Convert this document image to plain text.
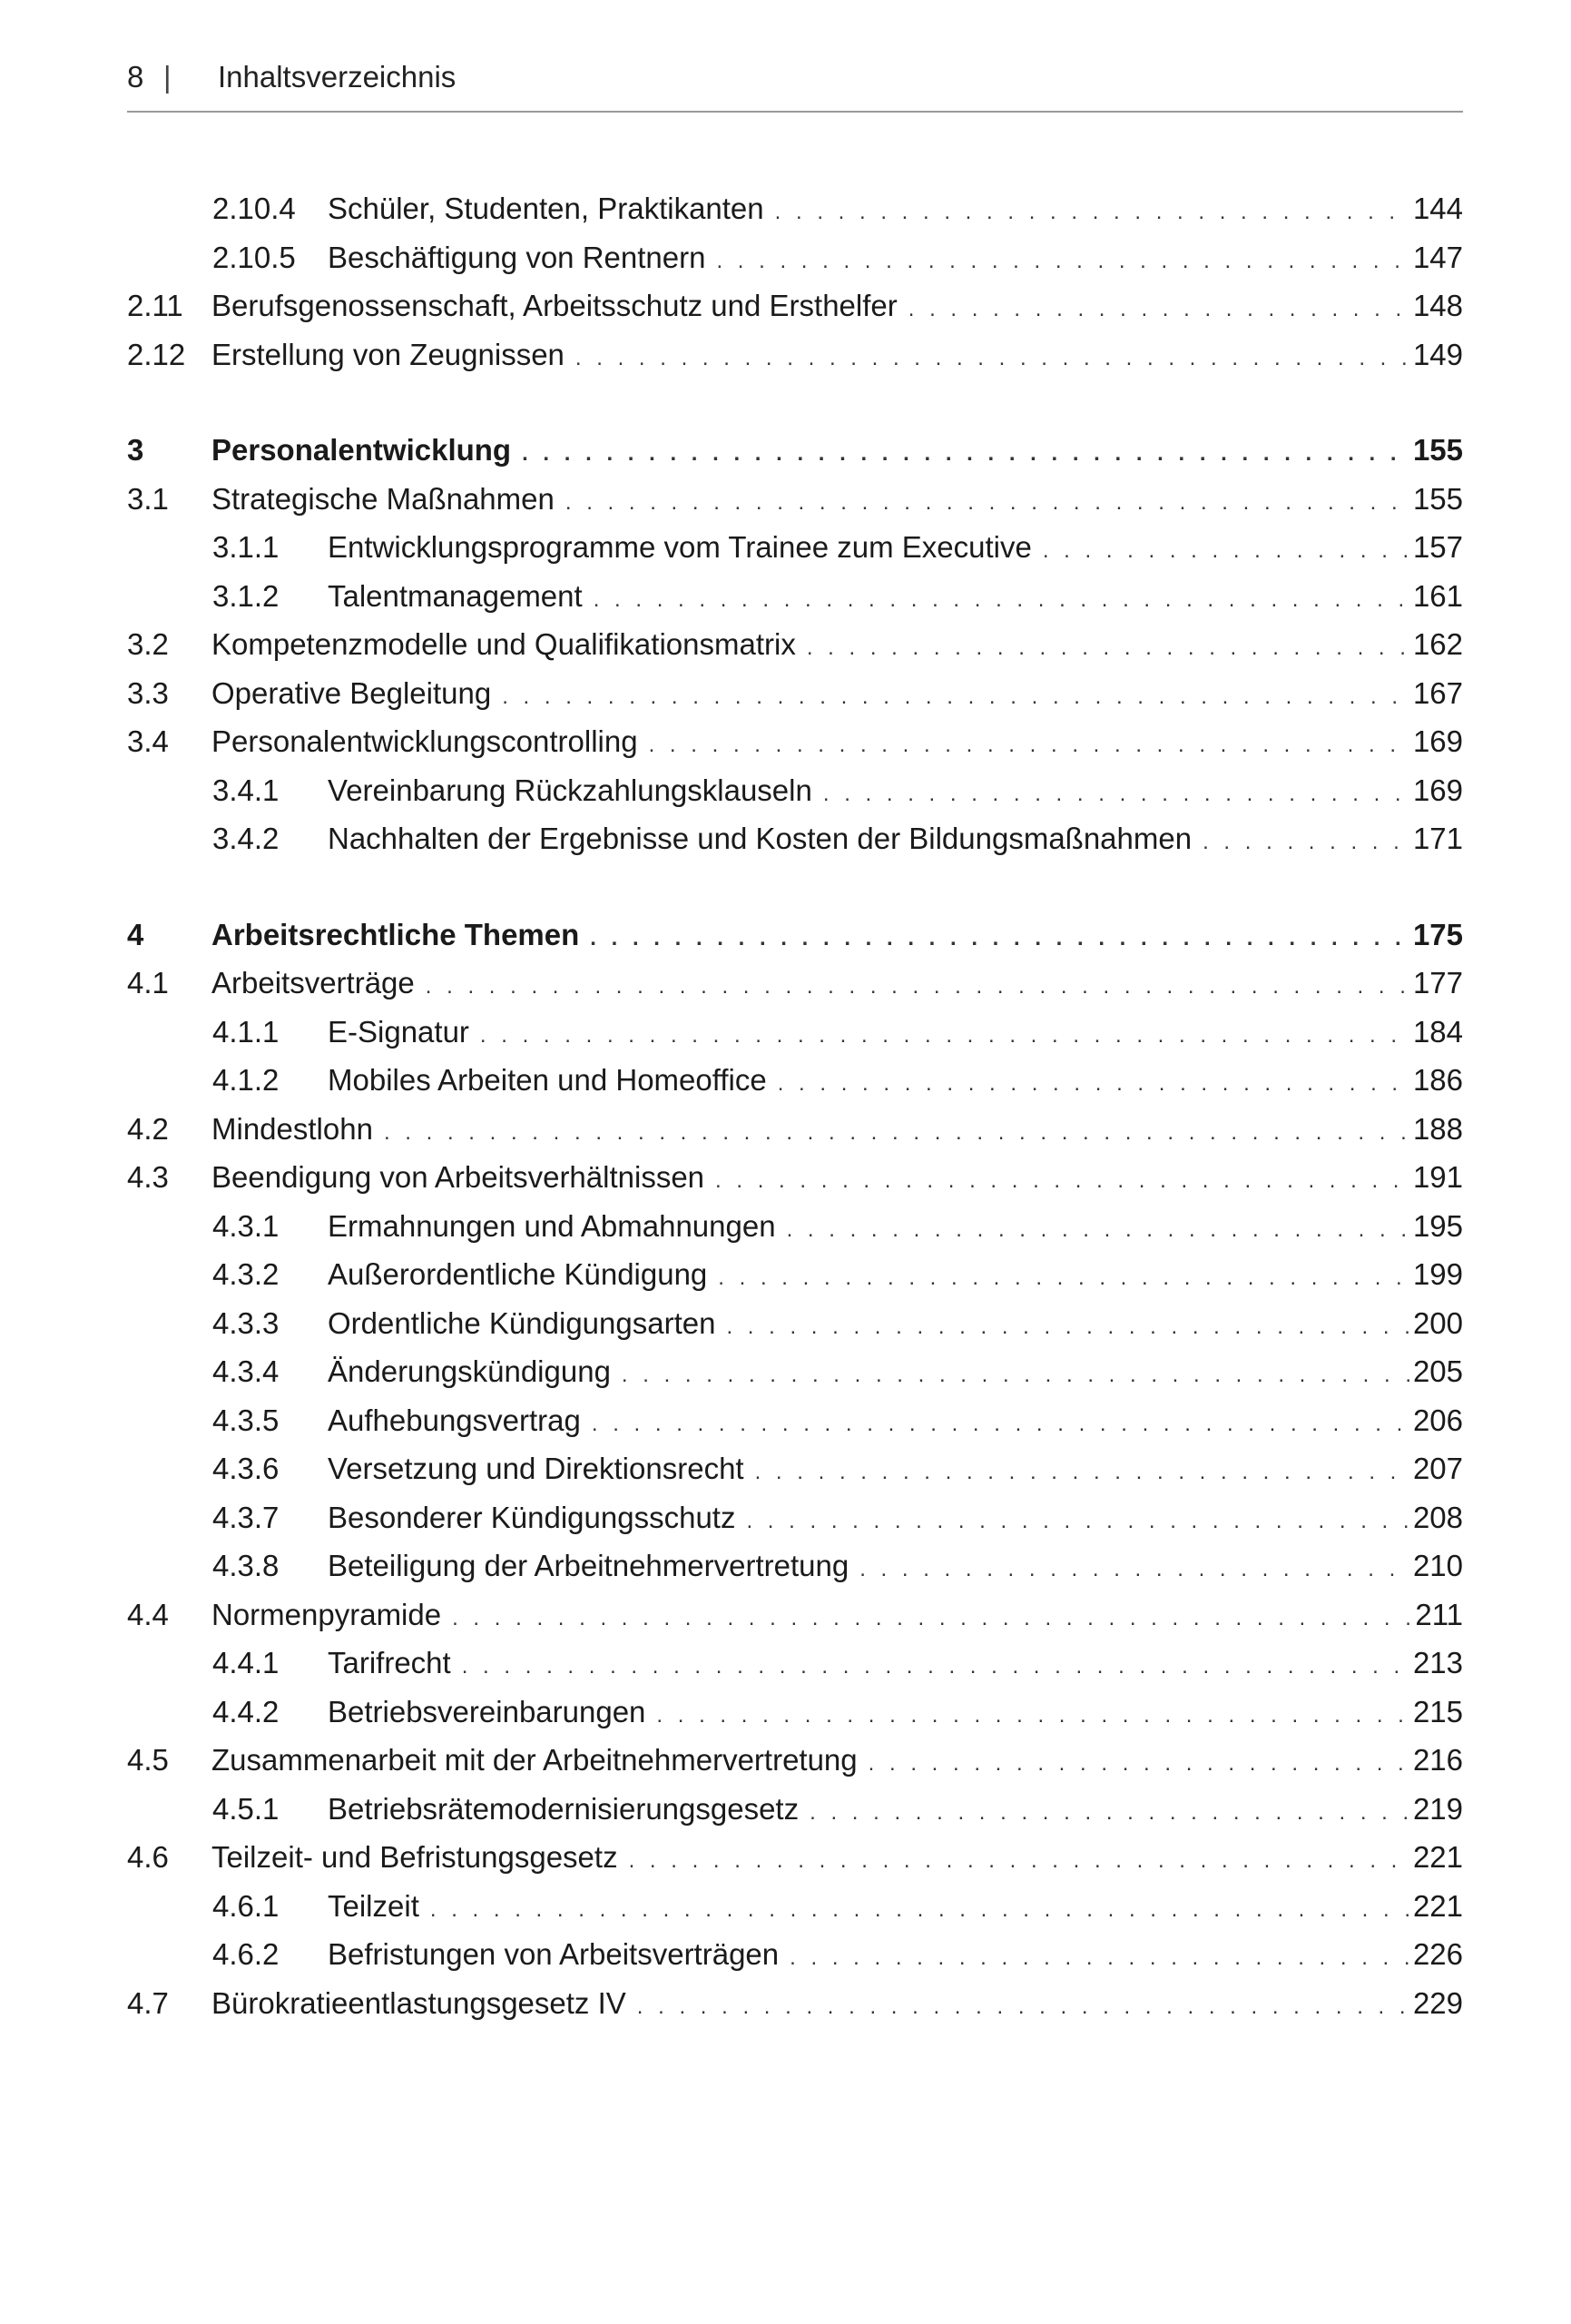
8 |	Inhaltsverzeichnis
2.10.4 Schüler, Studenten, Praktikanten . . .	144
2.10.5 Beschäftigung von Rentnern . . .	147
2.11 Berufsgenossenschaft, Arbeitsschutz und Ersthelfer . . .	148
2.12 Erstellung von Zeugnissen . . .	149
3 Personalentwicklung . . .	155
3.1 Strategische Maßnahmen . . .	155
3.1.1 Entwicklungsprogramme vom Trainee zum Executive . . .	157
3.1.2 Talentmanagement . . .	161
3.2 Kompetenzmodelle und Qualifikationsmatrix . . .	162
3.3 Operative Begleitung . . .	167
3.4 Personalentwicklungscontrolling . . .	169
3.4.1 Vereinbarung Rückzahlungsklauseln . . .	169
3.4.2 Nachhalten der Ergebnisse und Kosten der Bildungsmaßnahmen . . .	171
4 Arbeitsrechtliche Themen . . .	175
4.1 Arbeitsverträge . . .	177
4.1.1 E-Signatur . . .	184
4.1.2 Mobiles Arbeiten und Homeoffice . . .	186
4.2 Mindestlohn . . .	188
4.3 Beendigung von Arbeitsverhältnissen . . .	191
4.3.1 Ermahnungen und Abmahnungen . . .	195
4.3.2 Außerordentliche Kündigung . . .	199
4.3.3 Ordentliche Kündigungsarten . . .	200
4.3.4 Änderungskündigung . . .	205
4.3.5 Aufhebungsvertrag . . .	206
4.3.6 Versetzung und Direktionsrecht . . .	207
4.3.7 Besonderer Kündigungsschutz . . .	208
4.3.8 Beteiligung der Arbeitnehmervertretung . . .	210
4.4 Normenpyramide . . .	211
4.4.1 Tarifrecht . . .	213
4.4.2 Betriebsvereinbarungen . . .	215
4.5 Zusammenarbeit mit der Arbeitnehmervertretung . . .	216
4.5.1 Betriebsrätemodernisierungsgesetz . . .	219
4.6 Teilzeit- und Befristungsgesetz . . .	221
4.6.1 Teilzeit . . .	221
4.6.2 Befristungen von Arbeitsverträgen . . .	226
4.7 Bürokratieentlastungsgesetz IV . . .	229
